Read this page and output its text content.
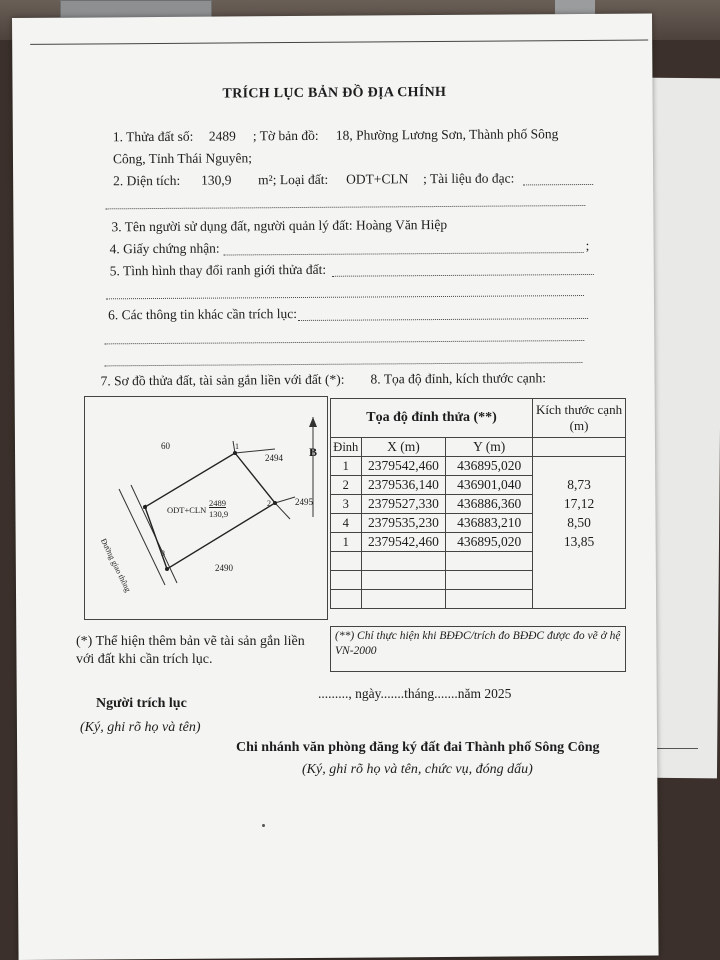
TRÍCH LỤC BẢN ĐỒ ĐỊA CHÍNH
1. Thửa đất số: 2489 ; Tờ bản đồ: 18, Phường Lương Sơn, Thành phố Sông
Công, Tỉnh Thái Nguyên;
2. Diện tích: 130,9 m²; Loại đất: ODT+CLN ; Tài liệu đo đạc:
3. Tên người sử dụng đất, người quản lý đất: Hoàng Văn Hiệp
4. Giấy chứng nhận:	;
5. Tình hình thay đổi ranh giới thửa đất:
6. Các thông tin khác cần trích lục:
7. Sơ đồ thửa đất, tài sản gắn liền với đất (*): 8. Tọa độ đỉnh, kích thước cạnh:
B
60
2494
2495
2490
ODT+CLN
2489
130,9
1
2
3
4
Đường giao thông
Tọa độ đỉnh thửa (**)			Kích thước cạnh (m)
Đỉnh	X (m)	Y (m)	
1	2379542,460	436895,020	
2	2379536,140	436901,040	8,73
3	2379527,330	436886,360	17,12
4	2379535,230	436883,210	8,50
1	2379542,460	436895,020	13,85

(**) Chỉ thực hiện khi BĐĐC/trích đo BĐĐC được đo vẽ ở hệ VN-2000
(*) Thể hiện thêm bản vẽ tài sản gắn liền
với đất khi cần trích lục.
........., ngày.......tháng.......năm 2025
Người trích lục
(Ký, ghi rõ họ và tên)
Chi nhánh văn phòng đăng ký đất đai Thành phố Sông Công
(Ký, ghi rõ họ và tên, chức vụ, đóng dấu)
